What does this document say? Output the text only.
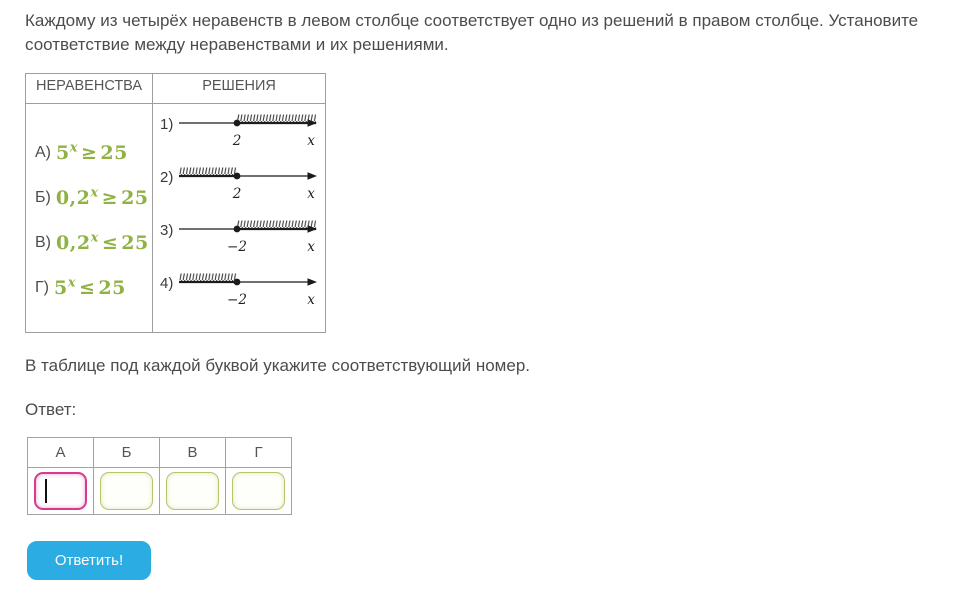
Каждому из четырёх неравенств в левом столбце соответствует одно из решений в правом столбце. Установите соответствие между неравенствами и их решениями.

НЕРАВЕНСТВА	РЕШЕНИЯ

А) $5^x \ge 25$
Б) $0,2^x \ge 25$
В) $0,2^x \le 25$
Г) $5^x \le 25$

1)
2	x
2)
2	x
3)
−2	x
4)
−2	x

В таблице под каждой буквой укажите соответствующий номер.

Ответ:

А	Б	В	Г

Ответить!
